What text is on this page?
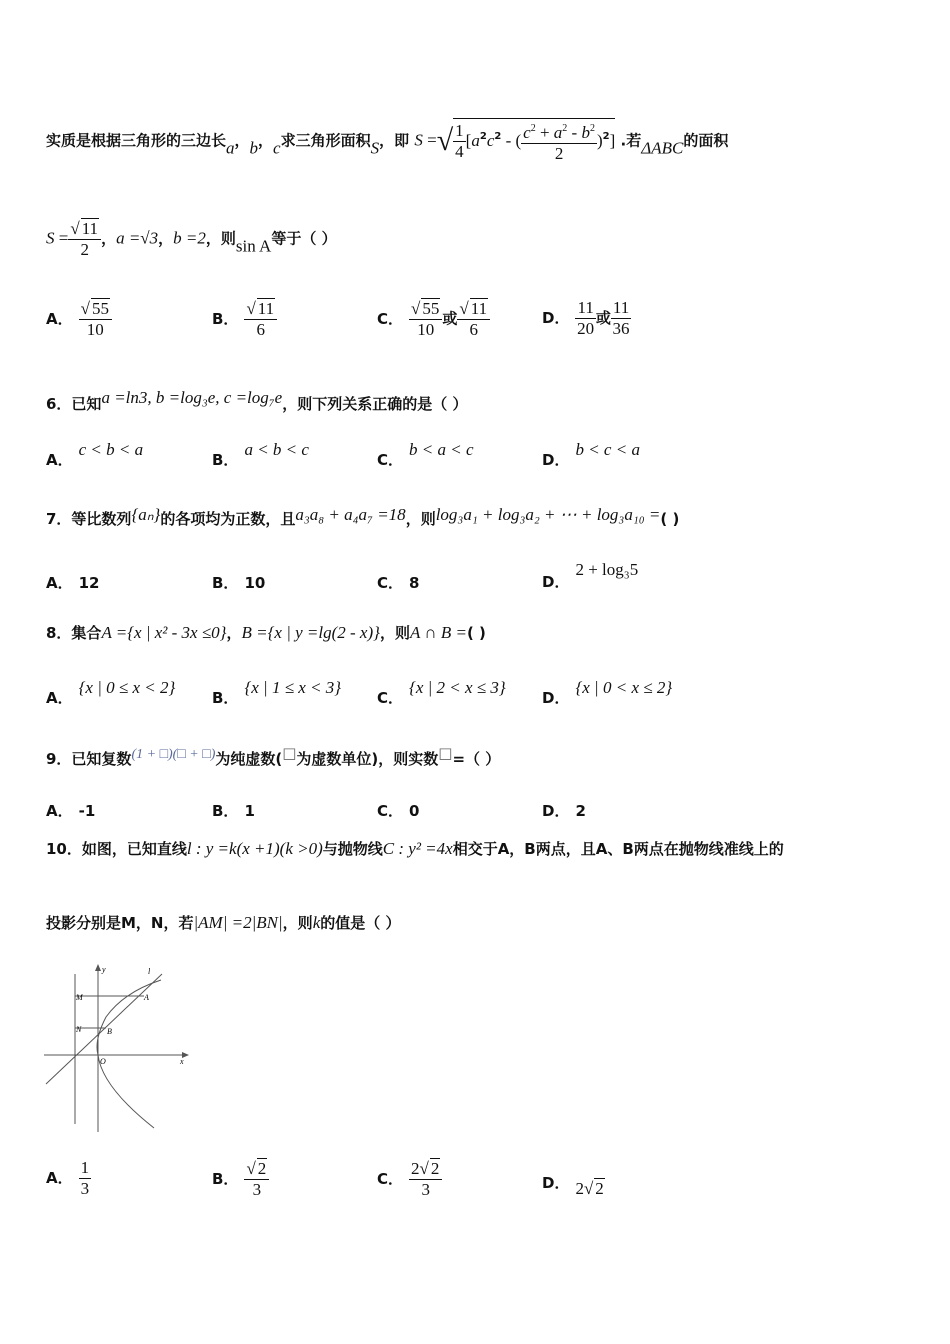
实质是根据三角形的三边长a，b，c求三角形面积S，即 S =√ $\frac{1}{4} [a^2c^2$ - ( $\frac{c^2 + a^2 - b^2}{2} )^2$] .若ΔABC的面积
$S = \frac{√ 11}{2}$ ，a =√3，b =2，则sin A等于（ ）
A． $\frac{√ 55}{10}$	B． $\frac{√ 11}{6}$	C． $\frac{√ 55}{10}$ 或 $\frac{√ 11}{6}$	D． $\frac{11}{20}$ 或 $\frac{11}{36}$
6．已知a =ln3, b =log₃e, c =log₇e，则下列关系正确的是（ ）
A．c < b < a
B．a < b < c
C．b < a < c
D．b < c < a
7．等比数列{aₙ}的各项均为正数，且a₃a₈ + a₄a₇ =18，则log₃a₁ + log₃a₂ + ⋯ + log₃a₁₀ =( )
A． 12	B． 10	C． 8	D．2 + log₃5
8．集合A ={x | x² - 3x ≤0}，B ={x | y =lg(2 - x)}，则A ∩ B =( )
A．{x | 0 ≤ x < 2}
B．{x | 1 ≤ x < 3}
C．{x | 2 < x ≤ 3}
D．{x | 0 < x ≤ 2}
9．已知复数(1 + □)(□ + □)为纯虚数(□为虚数单位)，则实数□=（ ）
A． -1	B． 1	C． 0	D． 2
10．如图，已知直线l : y =k(x +1)(k >0)与抛物线C : y² =4x相交于A，B两点，且A、B两点在抛物线准线上的
投影分别是M，N，若|AM| =2|BN|，则k的值是（ ）
y	l
M	A
N	B
O	x
A． $\frac{1}{3}$	B． $\frac{√ 2}{3}$	C． $\frac{2√ 2}{3}$	D． 2√ 2
